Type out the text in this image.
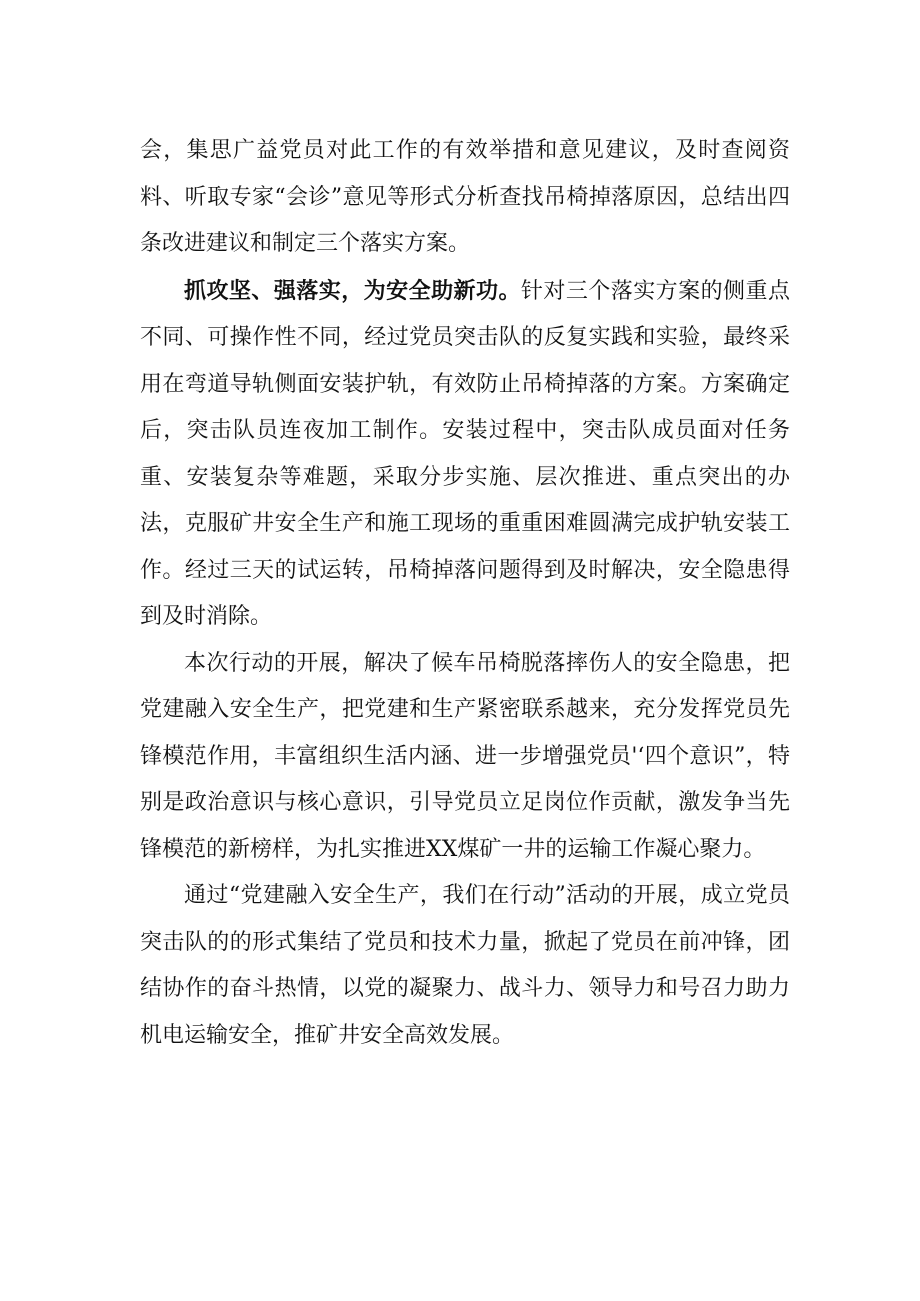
会，集思广益党员对此工作的有效举措和意见建议，及时查阅资料、听取专家“会诊”意见等形式分析查找吊椅掉落原因，总结出四条改进建议和制定三个落实方案。

抓攻坚、强落实，为安全助新功。针对三个落实方案的侧重点不同、可操作性不同，经过党员突击队的反复实践和实验，最终采用在弯道导轨侧面安装护轨，有效防止吊椅掉落的方案。方案确定后，突击队员连夜加工制作。安装过程中，突击队成员面对任务重、安装复杂等难题，采取分步实施、层次推进、重点突出的办法，克服矿井安全生产和施工现场的重重困难圆满完成护轨安装工作。经过三天的试运转，吊椅掉落问题得到及时解决，安全隐患得到及时消除。

本次行动的开展，解决了候车吊椅脱落摔伤人的安全隐患，把党建融入安全生产，把党建和生产紧密联系越来，充分发挥党员先锋模范作用，丰富组织生活内涵、进一步增强党员'‘四个意识”，特别是政治意识与核心意识，引导党员立足岗位作贡献，激发争当先锋模范的新榜样，为扎实推进XX煤矿一井的运输工作凝心聚力。

通过“党建融入安全生产，我们在行动”活动的开展，成立党员突击队的的形式集结了党员和技术力量，掀起了党员在前冲锋，团结协作的奋斗热情，以党的凝聚力、战斗力、领导力和号召力助力机电运输安全，推矿井安全高效发展。
